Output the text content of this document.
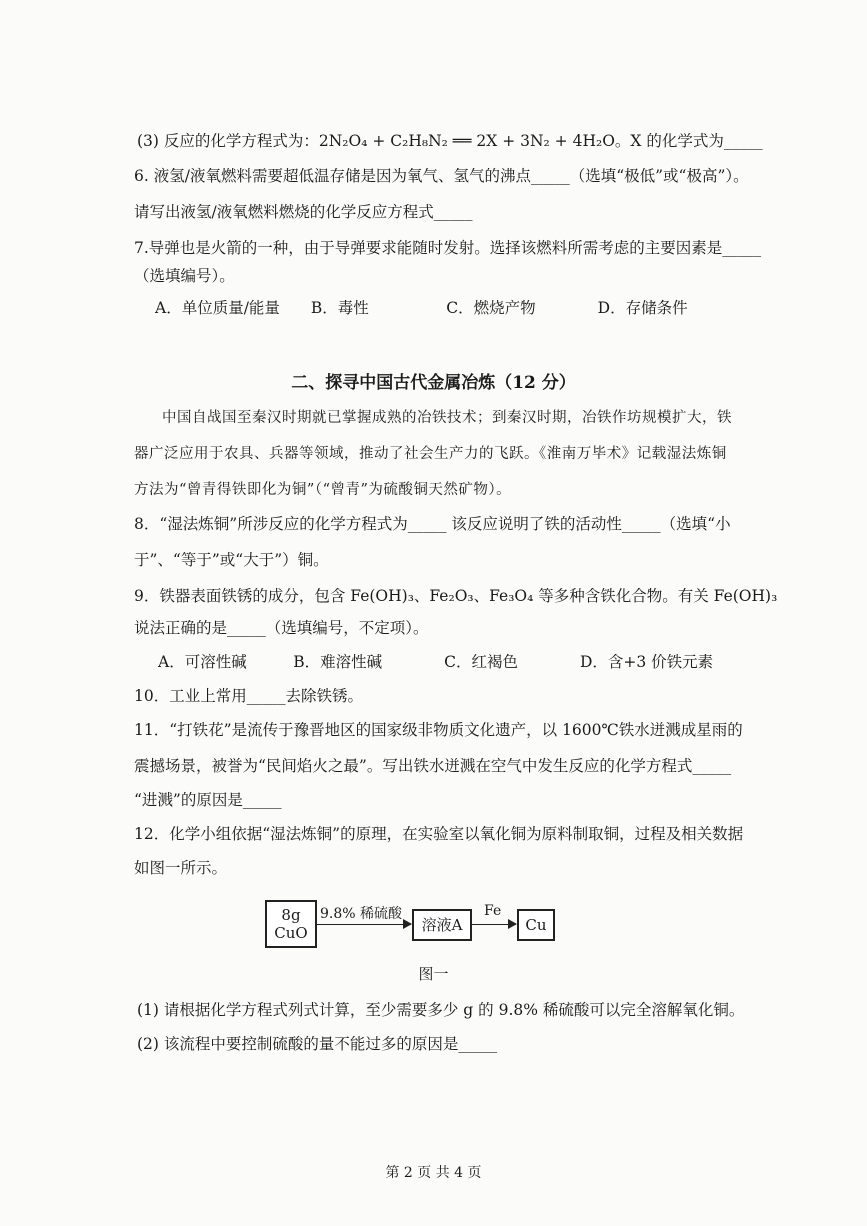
(3) 反应的化学方程式为：2N₂O₄ + C₂H₈N₂ ══ 2X + 3N₂ + 4H₂O。X 的化学式为_____
6. 液氢/液氧燃料需要超低温存储是因为氧气、氢气的沸点_____（选填“极低”或“极高”）。
请写出液氢/液氧燃料燃烧的化学反应方程式_____
7.导弹也是火箭的一种，由于导弹要求能随时发射。选择该燃料所需考虑的主要因素是_____
（选填编号）。
A．单位质量/能量　　B．毒性　　　　　C．燃烧产物　　　　D．存储条件
二、探寻中国古代金属冶炼（12 分）
中国自战国至秦汉时期就已掌握成熟的冶铁技术；到秦汉时期，冶铁作坊规模扩大，铁
器广泛应用于农具、兵器等领域，推动了社会生产力的飞跃。《淮南万毕术》记载湿法炼铜
方法为“曾青得铁即化为铜”（“曾青”为硫酸铜天然矿物）。
8．“湿法炼铜”所涉反应的化学方程式为_____ 该反应说明了铁的活动性_____（选填“小
于”、“等于”或“大于”）铜。
9．铁器表面铁锈的成分，包含 Fe(OH)₃、Fe₂O₃、Fe₃O₄ 等多种含铁化合物。有关 Fe(OH)₃
说法正确的是_____（选填编号，不定项）。
A．可溶性碱　　　B．难溶性碱　　　　C．红褐色　　　　D．含+3 价铁元素
10．工业上常用_____去除铁锈。
11．“打铁花”是流传于豫晋地区的国家级非物质文化遗产，以 1600℃铁水迸溅成星雨的
震撼场景，被誉为“民间焰火之最”。写出铁水迸溅在空气中发生反应的化学方程式_____
“进溅”的原因是_____
12．化学小组依据“湿法炼铜”的原理，在实验室以氧化铜为原料制取铜，过程及相关数据
如图一所示。
8g
CuO
9.8% 稀硫酸
溶液A
Fe
Cu
图一
(1) 请根据化学方程式列式计算，至少需要多少 g 的 9.8% 稀硫酸可以完全溶解氧化铜。
(2) 该流程中要控制硫酸的量不能过多的原因是_____
第 2 页 共 4 页
